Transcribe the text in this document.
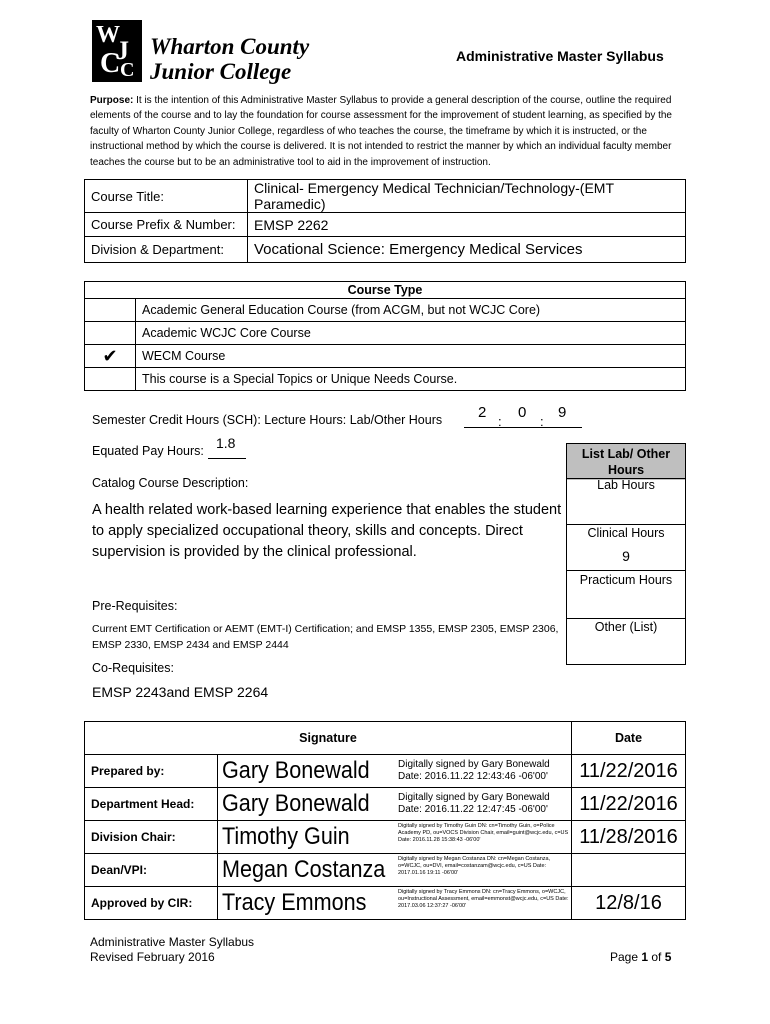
W
C
J
C
Wharton County
Junior College
Administrative Master Syllabus
Purpose: It is the intention of this Administrative Master Syllabus to provide a general description of the course, outline the required elements of the course and to lay the foundation for course assessment for the improvement of student learning, as specified by the faculty of Wharton County Junior College, regardless of who teaches the course, the timeframe by which it is instructed, or the instructional method by which the course is delivered. It is not intended to restrict the manner by which an individual faculty member teaches the course but to be an administrative tool to aid in the improvement of instruction.
Course Title:	Clinical- Emergency Medical Technician/Technology-(EMT Paramedic)
Course Prefix & Number:	EMSP 2262
Division & Department:	Vocational Science: Emergency Medical Services
Course Type	
	Academic General Education Course (from ACGM, but not WCJC Core)
	Academic WCJC Core Course
✔	WECM Course
	This course is a Special Topics or Unique Needs Course.
Semester Credit Hours (SCH): Lecture Hours: Lab/Other Hours 2
:
0
:
9
Equated Pay Hours: 1.8
Catalog Course Description:
A health related work-based learning experience that enables the student to apply specialized occupational theory, skills and concepts. Direct supervision is provided by the clinical professional.
Pre-Requisites:
Current EMT Certification or AEMT (EMT-I) Certification; and EMSP 1355, EMSP 2305, EMSP 2306, EMSP 2330, EMSP 2434 and EMSP 2444
Co-Requisites:
EMSP 2243and EMSP 2264
List Lab/ Other Hours
Lab Hours
Clinical Hours
9
Practicum Hours
Other (List)
Signature		Date
Prepared by:	Gary Bonewald Digitally signed by Gary Bonewald Date: 2016.11.22 12:43:46 -06'00'	11/22/2016
Department Head:	Gary Bonewald Digitally signed by Gary Bonewald Date: 2016.11.22 12:47:45 -06'00'	11/22/2016
Division Chair:	Timothy Guin Digitally signed by Timothy Guin DN: cn=Timothy Guin, o=Police Academy PD, ou=VOCS Division Chair, email=guint@wcjc.edu, c=US Date: 2016.11.28 15:38:43 -06'00'	11/28/2016
Dean/VPI:	Megan Costanza Digitally signed by Megan Costanza DN: cn=Megan Costanza, o=WCJC, ou=DVI, email=costanzam@wcjc.edu, c=US Date: 2017.01.16 19:11 -06'00'	

Approved by CIR:	Tracy Emmons Digitally signed by Tracy Emmons DN: cn=Tracy Emmons, o=WCJC, ou=Instructional Assessment, email=emmonst@wcjc.edu, c=US Date: 2017.03.06 12:37:27 -06'00'	12/8/16
Administrative Master Syllabus
Revised February 2016	Page 1 of 5
